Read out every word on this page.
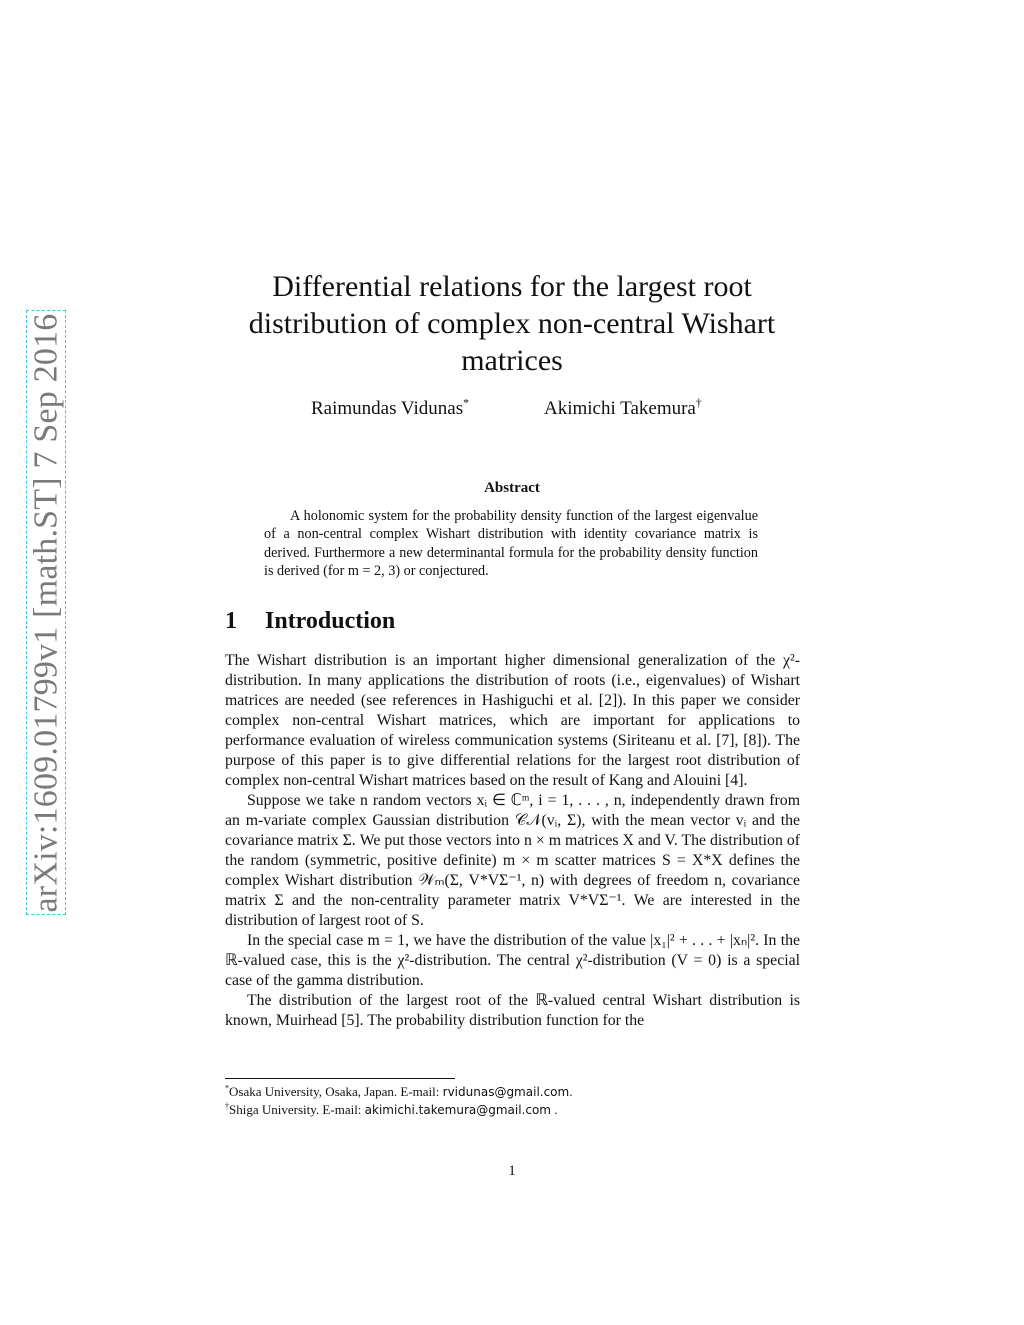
arXiv:1609.01799v1 [math.ST] 7 Sep 2016
Differential relations for the largest root distribution of complex non-central Wishart matrices
Raimundas Vidunas*	Akimichi Takemura†
Abstract
A holonomic system for the probability density function of the largest eigenvalue of a non-central complex Wishart distribution with identity covariance matrix is derived. Furthermore a new determinantal formula for the probability density function is derived (for m = 2, 3) or conjectured.
1 Introduction

The Wishart distribution is an important higher dimensional generalization of the χ²-distribution. In many applications the distribution of roots (i.e., eigenvalues) of Wishart matrices are needed (see references in Hashiguchi et al. [2]). In this paper we consider complex non-central Wishart matrices, which are important for applications to performance evaluation of wireless communication systems (Siriteanu et al. [7], [8]). The purpose of this paper is to give differential relations for the largest root distribution of complex non-central Wishart matrices based on the result of Kang and Alouini [4].

Suppose we take n random vectors xᵢ ∈ ℂᵐ, i = 1, . . . , n, independently drawn from an m-variate complex Gaussian distribution 𝒞𝒩(vᵢ, Σ), with the mean vector vᵢ and the covariance matrix Σ. We put those vectors into n × m matrices X and V. The distribution of the random (symmetric, positive definite) m × m scatter matrices S = X*X defines the complex Wishart distribution 𝒲ₘ(Σ, V*VΣ⁻¹, n) with degrees of freedom n, covariance matrix Σ and the non-centrality parameter matrix V*VΣ⁻¹. We are interested in the distribution of largest root of S.

In the special case m = 1, we have the distribution of the value |x₁|² + . . . + |xₙ|². In the ℝ-valued case, this is the χ²-distribution. The central χ²-distribution (V = 0) is a special case of the gamma distribution.

The distribution of the largest root of the ℝ-valued central Wishart distribution is known, Muirhead [5]. The probability distribution function for the

*Osaka University, Osaka, Japan. E-mail: rvidunas@gmail.com.
†Shiga University. E-mail: akimichi.takemura@gmail.com .
1
